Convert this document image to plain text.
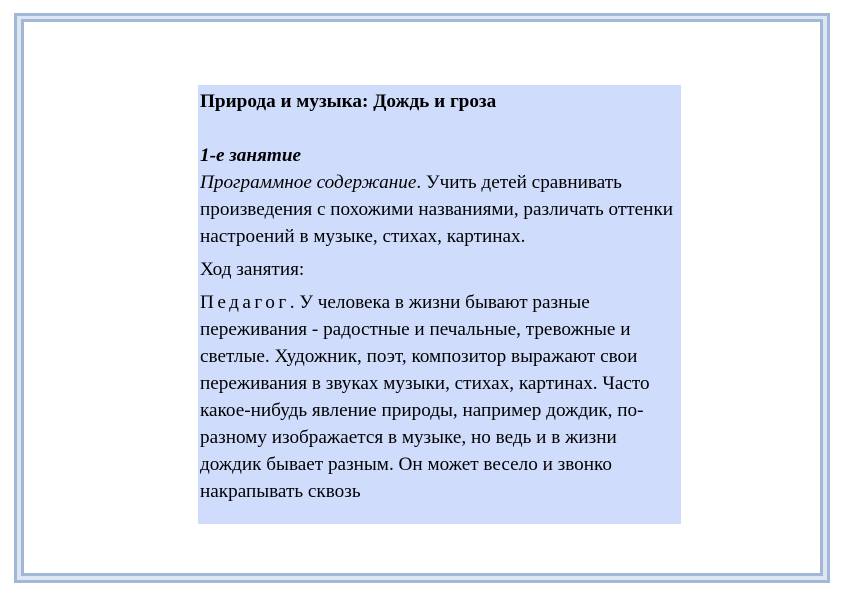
Природа и музыка: Дождь и гроза

1-е занятие

Программное содержание. Учить детей сравнивать произведения с похожими названиями, различать оттенки настроений в музыке, стихах, картинах.

Ход занятия:

Педагог. У человека в жизни бывают разные переживания - радостные и печальные, тревожные и светлые. Художник, поэт, композитор выражают свои переживания в звуках музыки, стихах, картинах. Часто какое-нибудь явление природы, например дождик, по-разному изображается в музыке, но ведь и в жизни дождик бывает разным. Он может весело и звонко накрапывать сквозь
